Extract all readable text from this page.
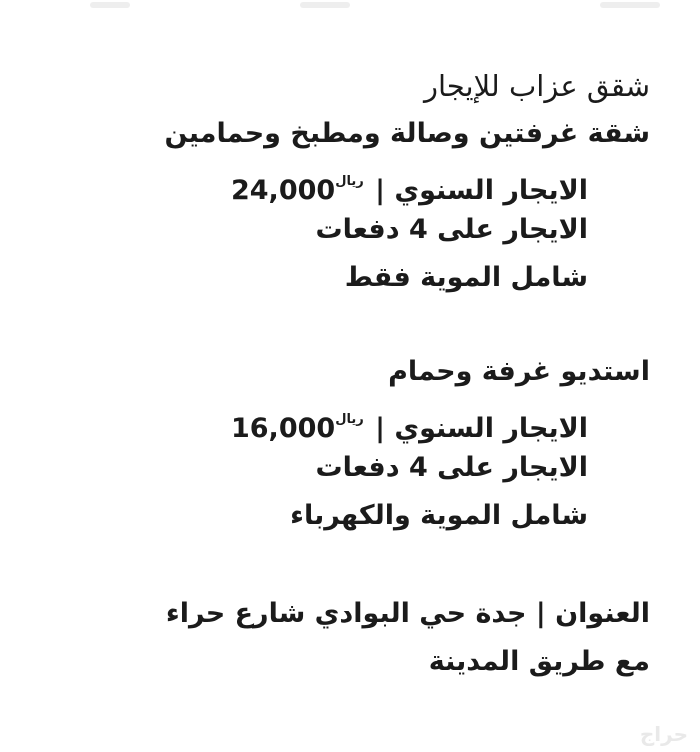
شقق عزاب للإيجار

شقة غرفتين وصالة ومطبخ وحمامين

الايجار السنوي | $^{ريال}$24,000

الايجار على 4 دفعات

شامل الموية فقط

استديو غرفة وحمام

الايجار السنوي | $^{ريال}$16,000

الايجار على 4 دفعات

شامل الموية والكهرباء

العنوان | جدة حي البوادي شارع حراء

مع طريق المدينة

حراج
